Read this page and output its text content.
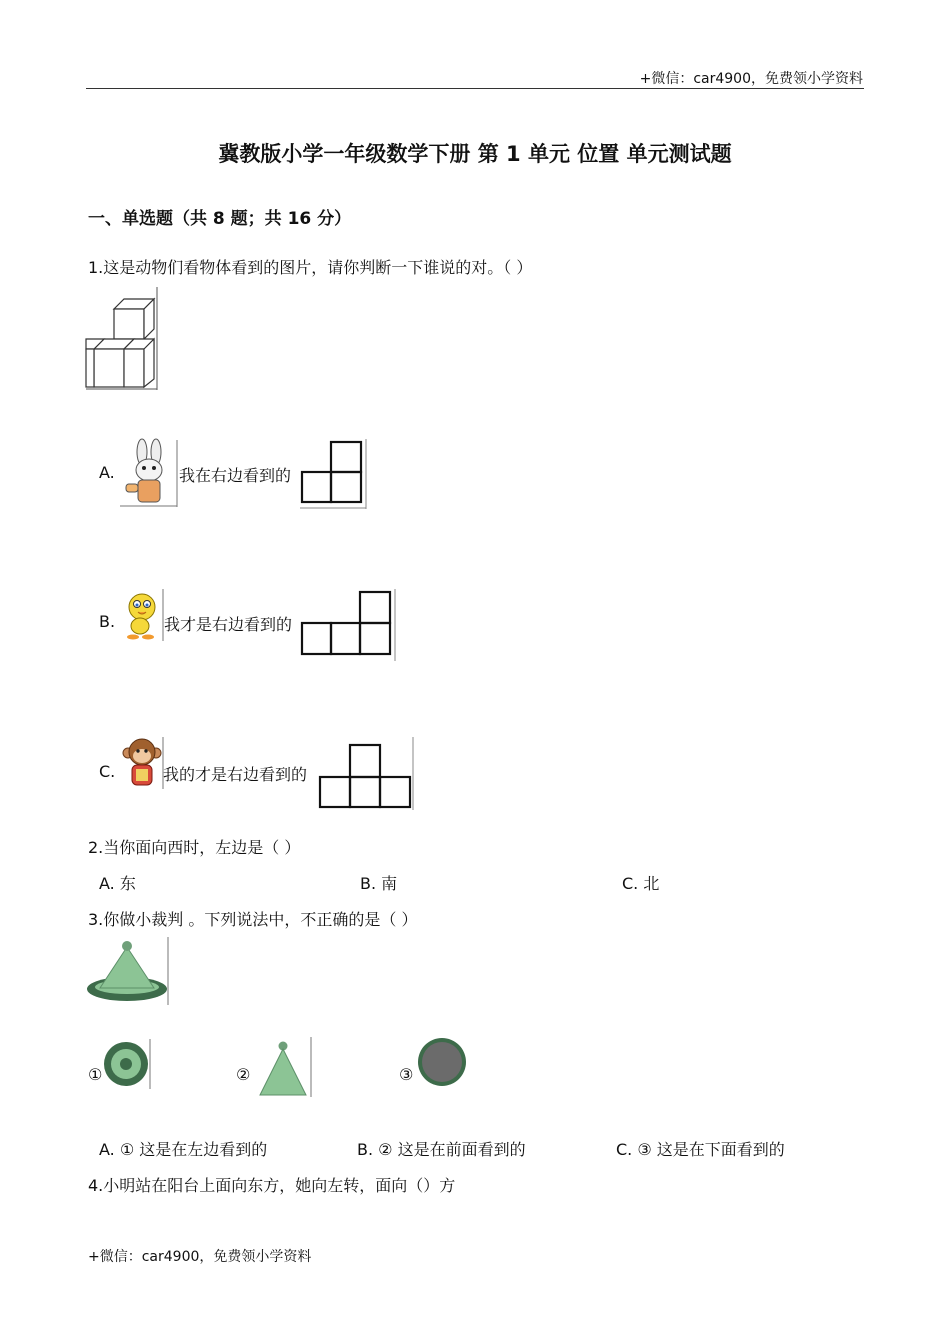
+微信：car4900，免费领小学资料
冀教版小学一年级数学下册 第 1 单元 位置 单元测试题
一、单选题（共 8 题；共 16 分）
1.这是动物们看物体看到的图片，请你判断一下谁说的对。（ ）
A.	我在右边看到的
B.	我才是右边看到的
C.	我的才是右边看到的
2.当你面向西时，左边是（ ）
A. 东	B. 南	C. 北
3.你做小裁判 。下列说法中，不正确的是（ ）
①	②	③
A. ① 这是在左边看到的	B. ② 这是在前面看到的	C. ③ 这是在下面看到的
4.小明站在阳台上面向东方，她向左转，面向（）方
+微信：car4900，免费领小学资料
